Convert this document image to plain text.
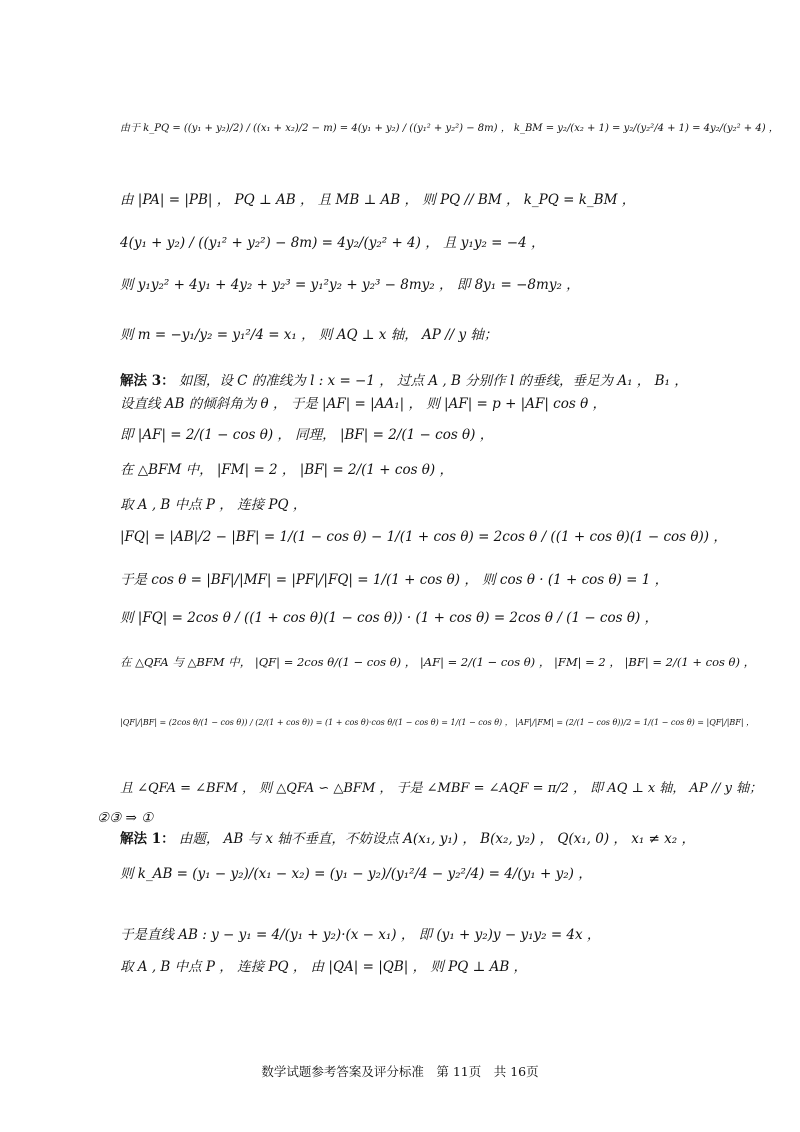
由于 k_PQ = ((y₁ + y₂)/2) / ((x₁ + x₂)/2 − m) = 4(y₁ + y₂) / ((y₁² + y₂²) − 8m) ， k_BM = y₂/(x₂ + 1) = y₂/(y₂²/4 + 1) = 4y₂/(y₂² + 4) ，
由 |PA| = |PB| ， PQ ⊥ AB ， 且 MB ⊥ AB ， 则 PQ // BM ， k_PQ = k_BM ，
4(y₁ + y₂) / ((y₁² + y₂²) − 8m) = 4y₂/(y₂² + 4) ， 且 y₁y₂ = −4 ，
则 y₁y₂² + 4y₁ + 4y₂ + y₂³ = y₁²y₂ + y₂³ − 8my₂ ， 即 8y₁ = −8my₂ ，
则 m = −y₁/y₂ = y₁²/4 = x₁ ， 则 AQ ⊥ x 轴， AP // y 轴；
解法 3： 如图，设 C 的准线为 l : x = −1 ， 过点 A , B 分别作 l 的垂线，垂足为 A₁ ， B₁ ，
设直线 AB 的倾斜角为 θ ， 于是 |AF| = |AA₁| ， 则 |AF| = p + |AF| cos θ ，
即 |AF| = 2/(1 − cos θ) ， 同理， |BF| = 2/(1 − cos θ) ，
在 △BFM 中， |FM| = 2 ， |BF| = 2/(1 + cos θ) ，
取 A , B 中点 P ， 连接 PQ ，
|FQ| = |AB|/2 − |BF| = 1/(1 − cos θ) − 1/(1 + cos θ) = 2cos θ / ((1 + cos θ)(1 − cos θ)) ，
于是 cos θ = |BF|/|MF| = |PF|/|FQ| = 1/(1 + cos θ) ， 则 cos θ · (1 + cos θ) = 1 ，
则 |FQ| = 2cos θ / ((1 + cos θ)(1 − cos θ)) · (1 + cos θ) = 2cos θ / (1 − cos θ) ，
在 △QFA 与 △BFM 中， |QF| = 2cos θ/(1 − cos θ) ， |AF| = 2/(1 − cos θ) ， |FM| = 2 ， |BF| = 2/(1 + cos θ) ，
|QF|/|BF| = (2cos θ/(1 − cos θ)) / (2/(1 + cos θ)) = (1 + cos θ)·cos θ/(1 − cos θ) = 1/(1 − cos θ) ， |AF|/|FM| = (2/(1 − cos θ))/2 = 1/(1 − cos θ) = |QF|/|BF| ，
且 ∠QFA = ∠BFM ， 则 △QFA ∽ △BFM ， 于是 ∠MBF = ∠AQF = π/2 ， 即 AQ ⊥ x 轴， AP // y 轴；
②③ ⇒ ①
解法 1： 由题， AB 与 x 轴不垂直，不妨设点 A(x₁, y₁) ， B(x₂, y₂) ， Q(x₁, 0) ， x₁ ≠ x₂ ，
则 k_AB = (y₁ − y₂)/(x₁ − x₂) = (y₁ − y₂)/(y₁²/4 − y₂²/4) = 4/(y₁ + y₂) ，
于是直线 AB : y − y₁ = 4/(y₁ + y₂)·(x − x₁) ， 即 (y₁ + y₂)y − y₁y₂ = 4x ，
取 A , B 中点 P ， 连接 PQ ， 由 |QA| = |QB| ， 则 PQ ⊥ AB ，
数学试题参考答案及评分标准　第 11页　共 16页
